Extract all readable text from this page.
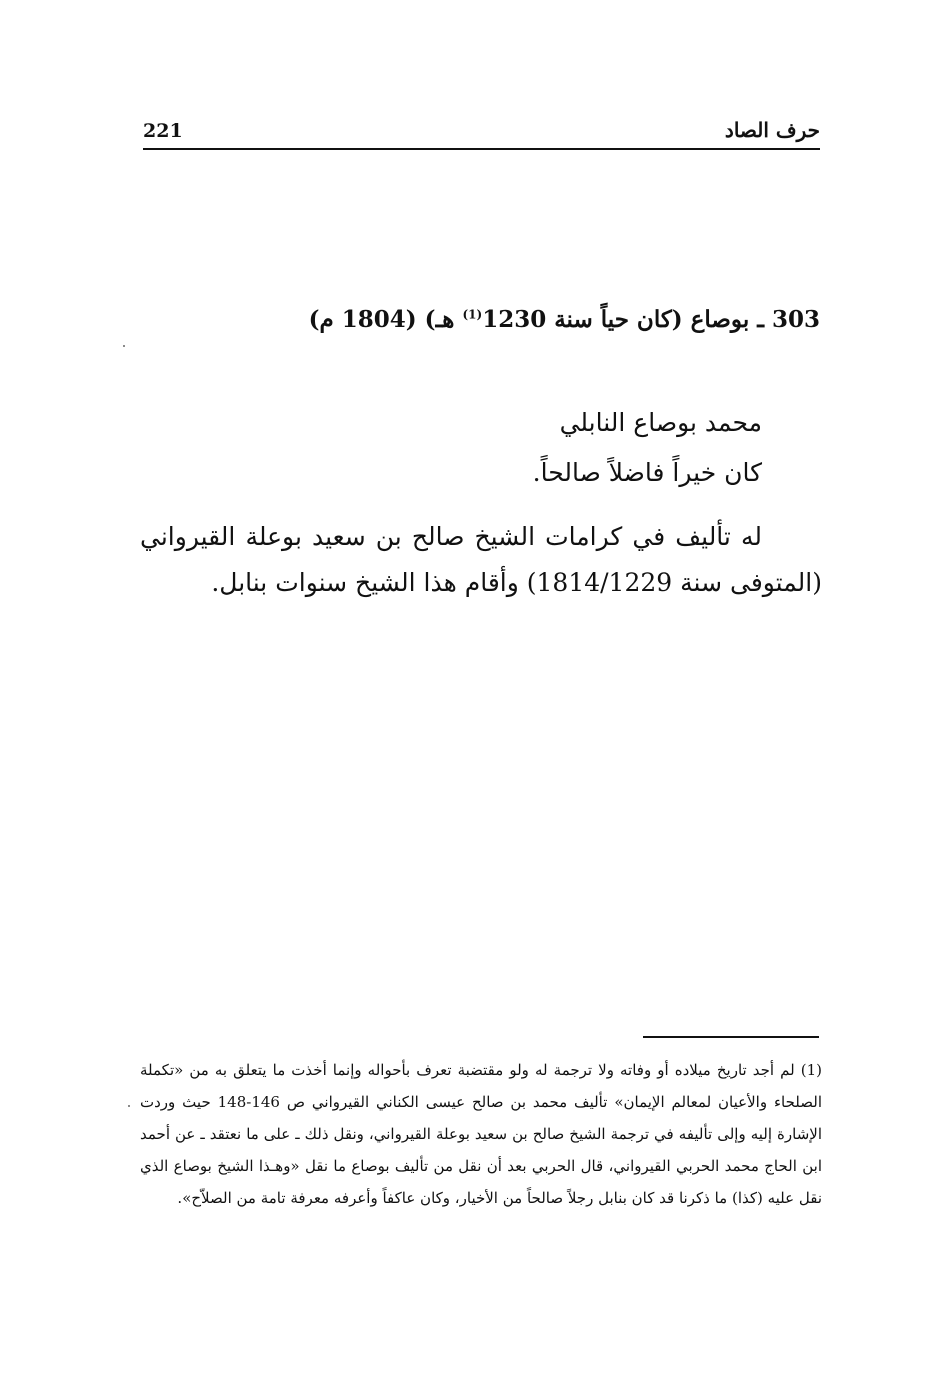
221	حرف الصاد
303 ـ بوصاع (كان حياً سنة 1230$^{(1)}$ هـ) (1804 م)
محمد بوصاع النابلي
كان خيراً فاضلاً صالحاً.
له تأليف في كرامات الشيخ صالح بن سعيد بوعلة القيرواني (المتوفى سنة 1814/1229) وأقام هذا الشيخ سنوات بنابل.
(1) لم أجد تاريخ ميلاده أو وفاته ولا ترجمة له ولو مقتضبة تعرف بأحواله وإنما أخذت ما يتعلق به من «تكملة الصلحاء والأعيان لمعالم الإيمان» تأليف محمد بن صالح عيسى الكناني القيرواني ص 146-148 حيث وردت الإشارة إليه وإلى تأليفه في ترجمة الشيخ صالح بن سعيد بوعلة القيرواني، ونقل ذلك ـ على ما نعتقد ـ عن أحمد ابن الحاج محمد الحربي القيرواني، قال الحربي بعد أن نقل من تأليف بوصاع ما نقل «وهـذا الشيخ بوصاع الذي نقل عليه (كذا) ما ذكرنا قد كان بنابل رجلاً صالحاً من الأخيار، وكان عاكفاً وأعرفه معرفة تامة من الصلاّح».
